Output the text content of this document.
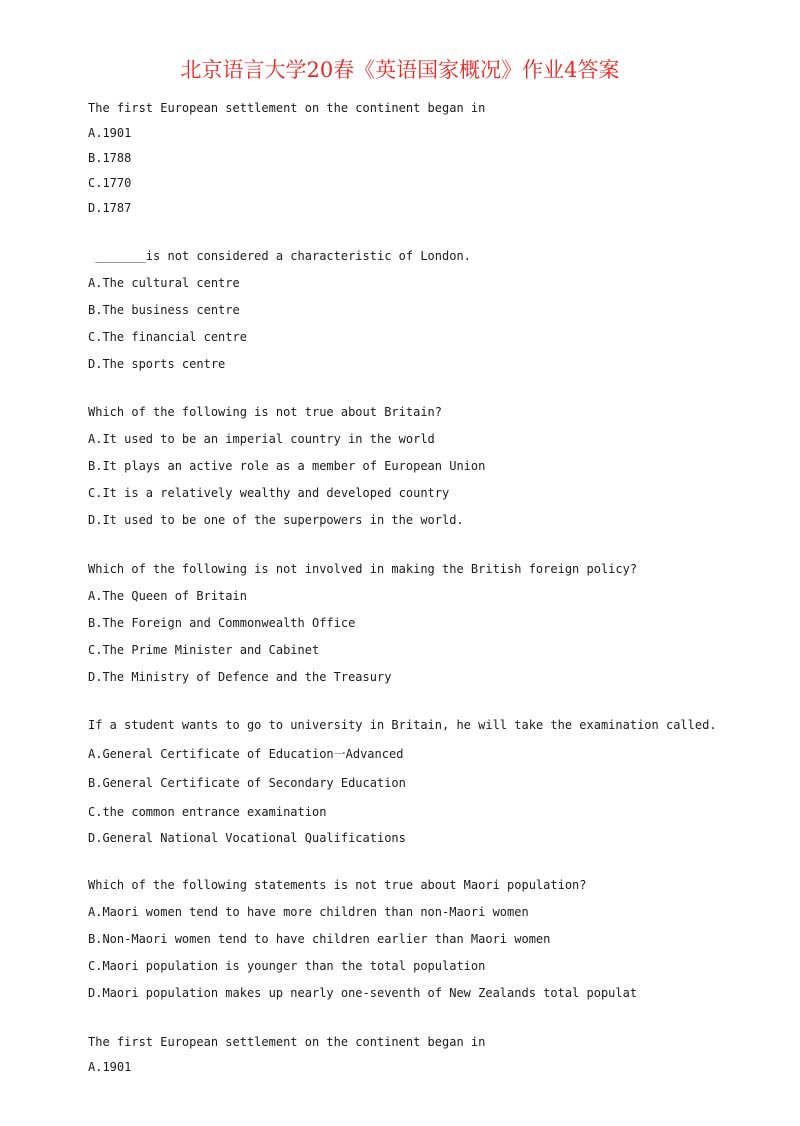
北京语言大学20春《英语国家概况》作业4答案
The first European settlement on the continent began in
A.1901
B.1788
C.1770
D.1787
_______is not considered a characteristic of London.
A.The cultural centre
B.The business centre
C.The financial centre
D.The sports centre
Which of the following is not true about Britain?
A.It used to be an imperial country in the world
B.It plays an active role as a member of European Union
C.It is a relatively wealthy and developed country
D.It used to be one of the superpowers in the world.
Which of the following is not involved in making the British foreign policy?
A.The Queen of Britain
B.The Foreign and Commonwealth Office
C.The Prime Minister and Cabinet
D.The Ministry of Defence and the Treasury
If a student wants to go to university in Britain, he will take the examination called.
A.General Certificate of Education一Advanced
B.General Certificate of Secondary Education
C.the common entrance examination
D.General National Vocational Qualifications
Which of the following statements is not true about Maori population?
A.Maori women tend to have more children than non-Maori women
B.Non-Maori women tend to have children earlier than Maori women
C.Maori population is younger than the total population
D.Maori population makes up nearly one-seventh of New Zealands total populat
The first European settlement on the continent began in
A.1901
